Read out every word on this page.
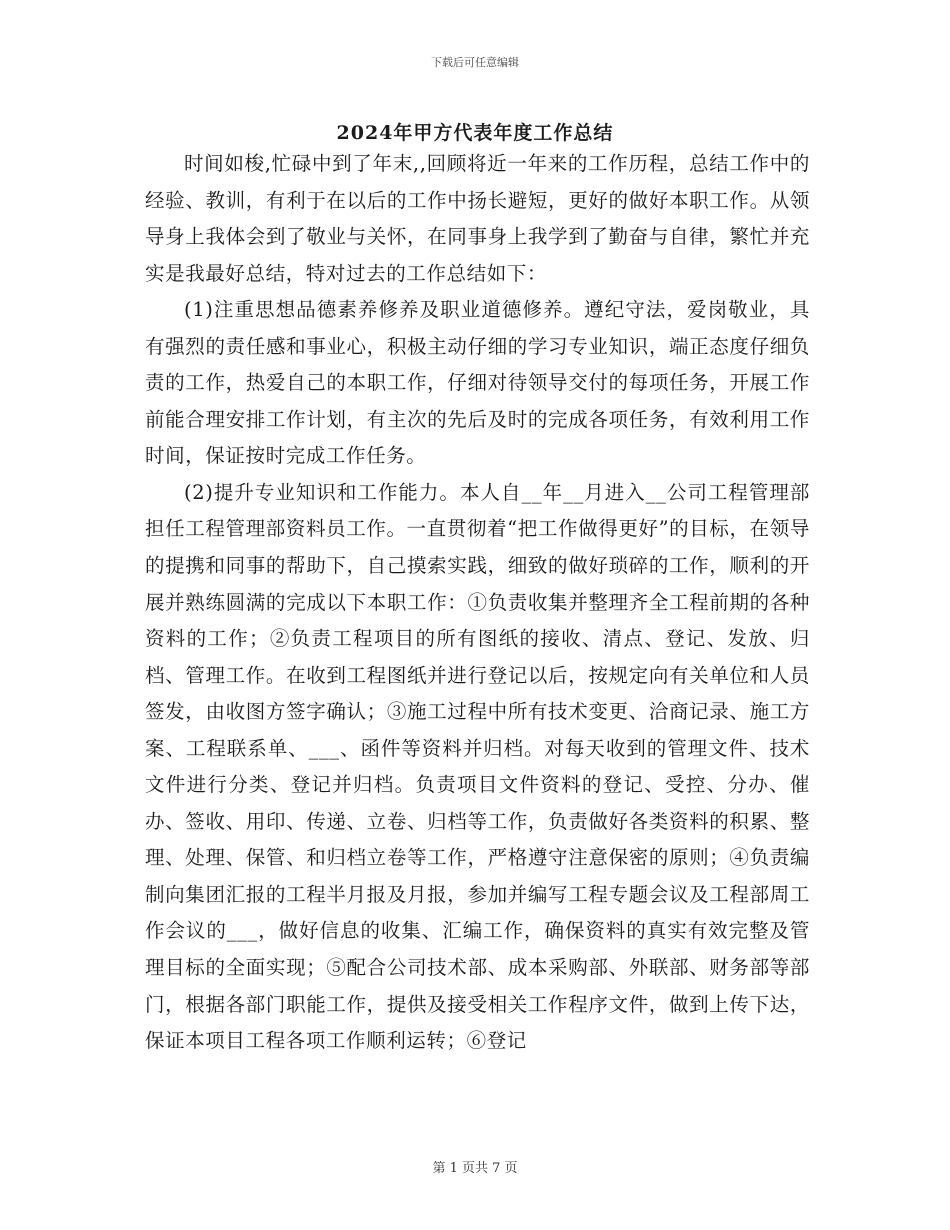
下载后可任意编辑
2024年甲方代表年度工作总结

时间如梭,忙碌中到了年末,,回顾将近一年来的工作历程，总结工作中的经验、教训，有利于在以后的工作中扬长避短，更好的做好本职工作。从领导身上我体会到了敬业与关怀，在同事身上我学到了勤奋与自律，繁忙并充实是我最好总结，特对过去的工作总结如下：

(1)注重思想品德素养修养及职业道德修养。遵纪守法，爱岗敬业，具有强烈的责任感和事业心，积极主动仔细的学习专业知识，端正态度仔细负责的工作，热爱自己的本职工作，仔细对待领导交付的每项任务，开展工作前能合理安排工作计划，有主次的先后及时的完成各项任务，有效利用工作时间，保证按时完成工作任务。

(2)提升专业知识和工作能力。本人自__年__月进入__公司工程管理部担任工程管理部资料员工作。一直贯彻着“把工作做得更好”的目标，在领导的提携和同事的帮助下，自己摸索实践，细致的做好琐碎的工作，顺利的开展并熟练圆满的完成以下本职工作：①负责收集并整理齐全工程前期的各种资料的工作；②负责工程项目的所有图纸的接收、清点、登记、发放、归档、管理工作。在收到工程图纸并进行登记以后，按规定向有关单位和人员签发，由收图方签字确认；③施工过程中所有技术变更、洽商记录、施工方案、工程联系单、___、函件等资料并归档。对每天收到的管理文件、技术文件进行分类、登记并归档。负责项目文件资料的登记、受控、分办、催办、签收、用印、传递、立卷、归档等工作，负责做好各类资料的积累、整理、处理、保管、和归档立卷等工作，严格遵守注意保密的原则；④负责编制向集团汇报的工程半月报及月报，参加并编写工程专题会议及工程部周工作会议的___，做好信息的收集、汇编工作，确保资料的真实有效完整及管理目标的全面实现；⑤配合公司技术部、成本采购部、外联部、财务部等部门，根据各部门职能工作，提供及接受相关工作程序文件，做到上传下达，保证本项目工程各项工作顺利运转；⑥登记

第 1 页共 7 页
